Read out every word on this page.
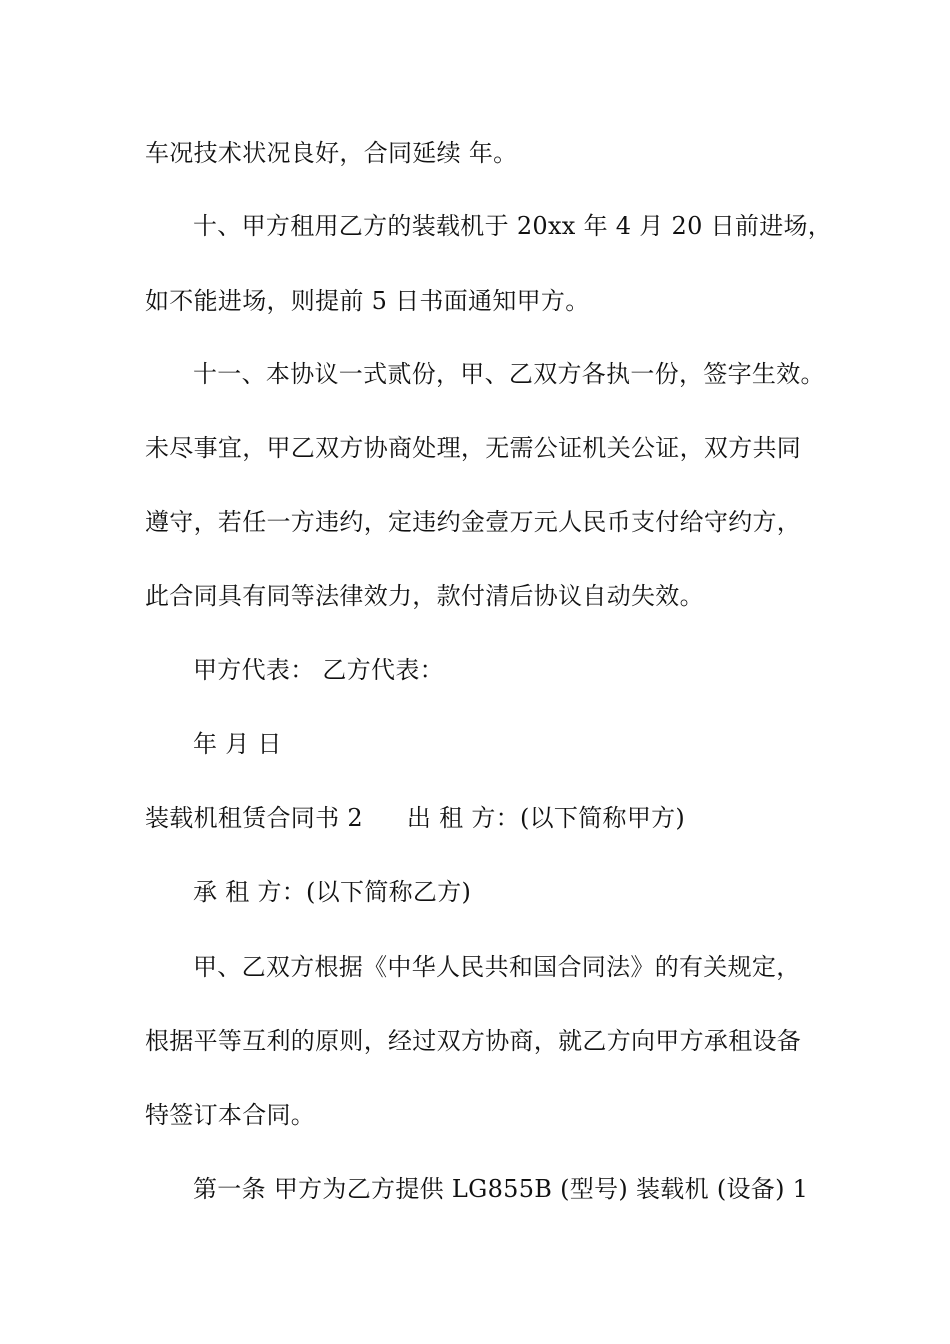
车况技术状况良好，合同延续 年。
十、甲方租用乙方的装载机于 20xx 年 4 月 20 日前进场，
如不能进场，则提前 5 日书面通知甲方。
十一、本协议一式贰份，甲、乙双方各执一份，签字生效。
未尽事宜，甲乙双方协商处理，无需公证机关公证，双方共同
遵守，若任一方违约，定违约金壹万元人民币支付给守约方，
此合同具有同等法律效力，款付清后协议自动失效。
甲方代表： 乙方代表：
年 月 日
装载机租赁合同书 2 出 租 方：(以下简称甲方)
承 租 方：(以下简称乙方)
甲、乙双方根据《中华人民共和国合同法》的有关规定，
根据平等互利的原则，经过双方协商，就乙方向甲方承租设备
特签订本合同。
第一条 甲方为乙方提供 LG855B (型号) 装载机 (设备) 1
